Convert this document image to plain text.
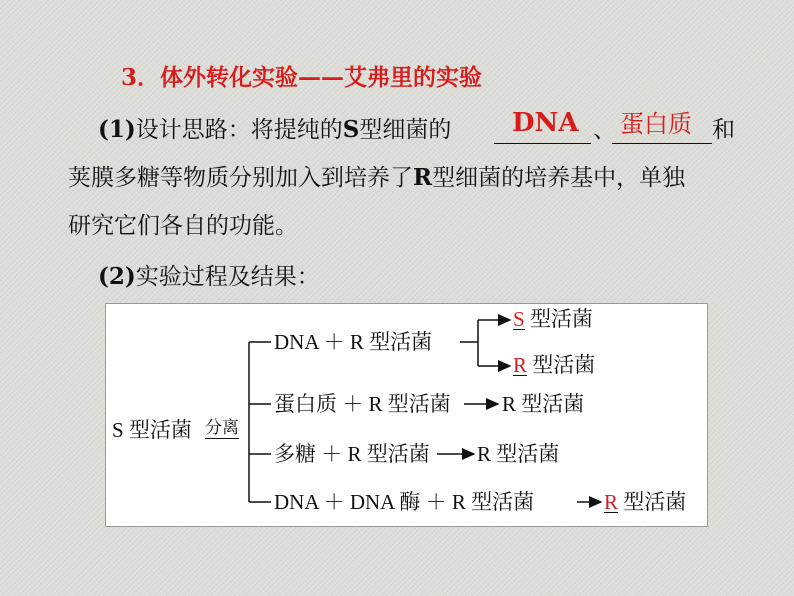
3．体外转化实验——艾弗里的实验
(1)设计思路：将提纯的S型细菌的 DNA 、 蛋白质 和
荚膜多糖等物质分别加入到培养了R型细菌的培养基中，单独
研究它们各自的功能。
(2)实验过程及结果：
S 型活菌 分离
DNA ＋ R 型活菌
S 型活菌
R 型活菌
蛋白质 ＋ R 型活菌 R 型活菌
多糖 ＋ R 型活菌 R 型活菌
DNA ＋ DNA 酶 ＋ R 型活菌	R 型活菌
